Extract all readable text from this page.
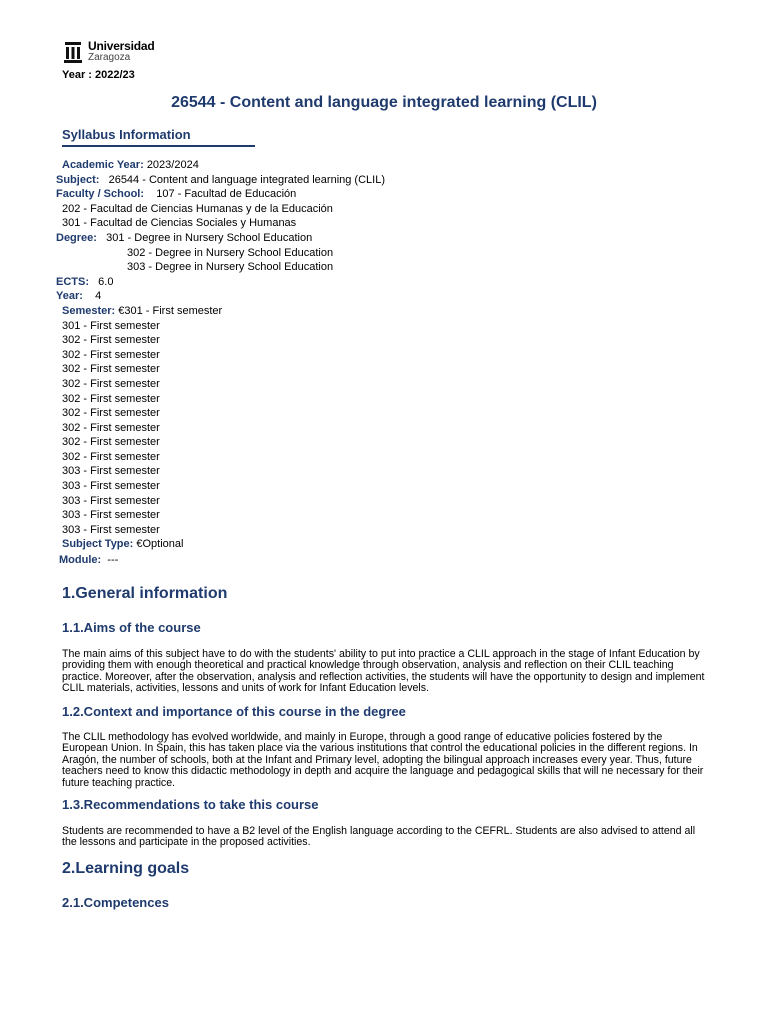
Universidad
Zaragoza
Year : 2022/23
26544 - Content and language integrated learning (CLIL)
Syllabus Information
Academic Year: 2023/2024
Subject: 26544 - Content and language integrated learning (CLIL)
Faculty / School: 107 - Facultad de Educación
202 - Facultad de Ciencias Humanas y de la Educación
301 - Facultad de Ciencias Sociales y Humanas
Degree: 301 - Degree in Nursery School Education
302 - Degree in Nursery School Education
303 - Degree in Nursery School Education
ECTS: 6.0
Year: 4
Semester: €301 - First semester
301 - First semester
302 - First semester
302 - First semester
302 - First semester
302 - First semester
302 - First semester
302 - First semester
302 - First semester
302 - First semester
302 - First semester
303 - First semester
303 - First semester
303 - First semester
303 - First semester
303 - First semester
Subject Type: €Optional
Module: ---
1.General information
1.1.Aims of the course

The main aims of this subject have to do with the students' ability to put into practice a CLIL approach in the stage of Infant Education by providing them with enough theoretical and practical knowledge through observation, analysis and reflection on their CLIL teaching practice. Moreover, after the observation, analysis and reflection activities, the students will have the opportunity to design and implement CLIL materials, activities, lessons and units of work for Infant Education levels.

1.2.Context and importance of this course in the degree

The CLIL methodology has evolved worldwide, and mainly in Europe, through a good range of educative policies fostered by the European Union. In Spain, this has taken place via the various institutions that control the educational policies in the different regions. In Aragón, the number of schools, both at the Infant and Primary level, adopting the bilingual approach increases every year. Thus, future teachers need to know this didactic methodology in depth and acquire the language and pedagogical skills that will ne necessary for their future teaching practice.

1.3.Recommendations to take this course

Students are recommended to have a B2 level of the English language according to the CEFRL. Students are also advised to attend all the lessons and participate in the proposed activities.

2.Learning goals
2.1.Competences
